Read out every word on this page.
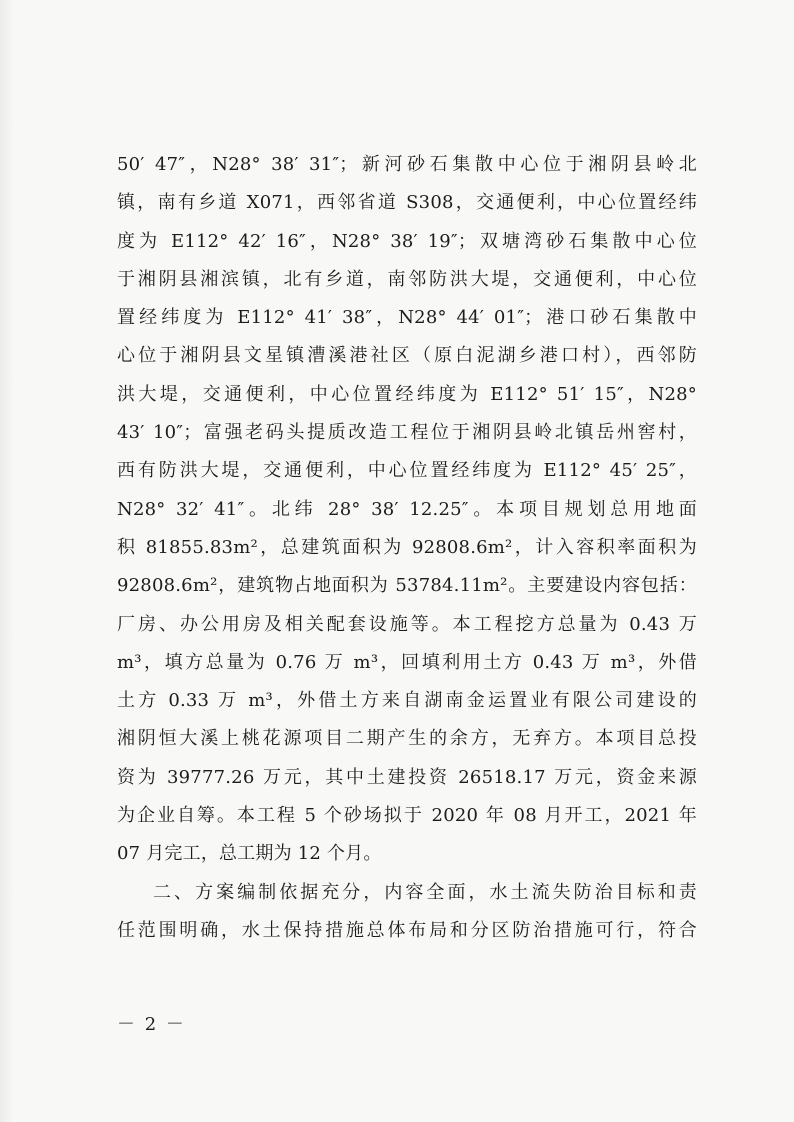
50′ 47″，N28° 38′ 31″；新河砂石集散中心位于湘阴县岭北
镇，南有乡道 X071，西邻省道 S308，交通便利，中心位置经纬
度为 E112° 42′ 16″，N28° 38′ 19″；双塘湾砂石集散中心位
于湘阴县湘滨镇，北有乡道，南邻防洪大堤，交通便利，中心位
置经纬度为 E112° 41′ 38″，N28° 44′ 01″；港口砂石集散中
心位于湘阴县文星镇漕溪港社区（原白泥湖乡港口村），西邻防
洪大堤，交通便利，中心位置经纬度为 E112° 51′ 15″，N28°
43′ 10″；富强老码头提质改造工程位于湘阴县岭北镇岳州窖村，
西有防洪大堤，交通便利，中心位置经纬度为 E112° 45′ 25″，
N28° 32′ 41″。北纬 28° 38′ 12.25″。本项目规划总用地面
积 81855.83m²，总建筑面积为 92808.6m²，计入容积率面积为
92808.6m²，建筑物占地面积为 53784.11m²。主要建设内容包括：
厂房、办公用房及相关配套设施等。本工程挖方总量为 0.43 万
m³，填方总量为 0.76 万 m³，回填利用土方 0.43 万 m³，外借
土方 0.33 万 m³，外借土方来自湖南金运置业有限公司建设的
湘阴恒大溪上桃花源项目二期产生的余方，无弃方。本项目总投
资为 39777.26 万元，其中土建投资 26518.17 万元，资金来源
为企业自筹。本工程 5 个砂场拟于 2020 年 08 月开工，2021 年
07 月完工，总工期为 12 个月。
二、方案编制依据充分，内容全面，水土流失防治目标和责
任范围明确，水土保持措施总体布局和分区防治措施可行，符合
－ 2 －
